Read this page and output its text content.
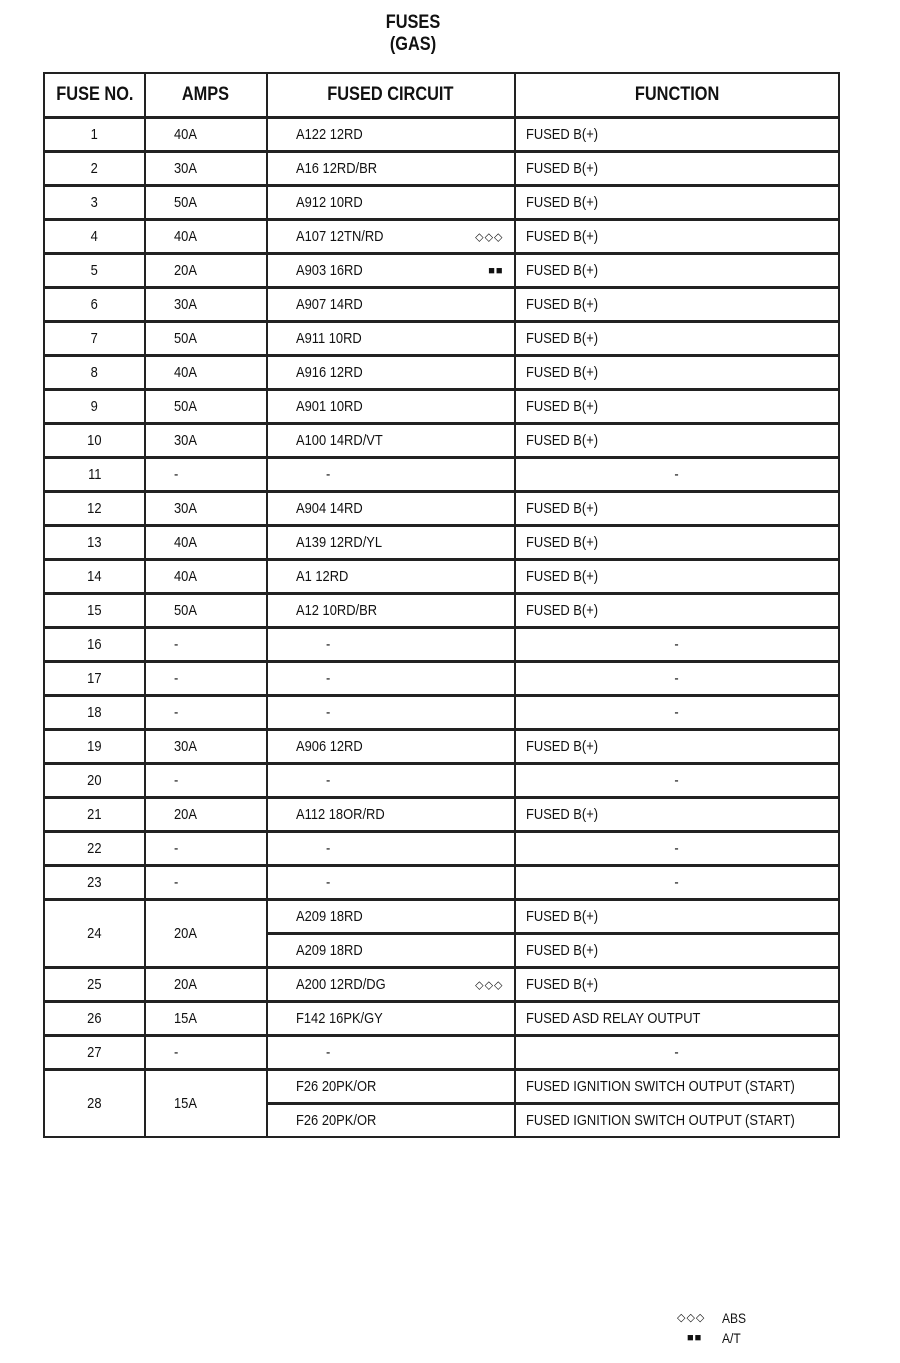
FUSES
(GAS)
FUSE NO.	AMPS	FUSED CIRCUIT	FUNCTION
1	40A	A122 12RD	FUSED B(+)
2	30A	A16 12RD/BR	FUSED B(+)
3	50A	A912 10RD	FUSED B(+)
4	40A	A107 12TN/RD ◇◇◇	FUSED B(+)
5	20A	A903 16RD ■■	FUSED B(+)
6	30A	A907 14RD	FUSED B(+)
7	50A	A911 10RD	FUSED B(+)
8	40A	A916 12RD	FUSED B(+)
9	50A	A901 10RD	FUSED B(+)
10	30A	A100 14RD/VT	FUSED B(+)
11	-	-	-
12	30A	A904 14RD	FUSED B(+)
13	40A	A139 12RD/YL	FUSED B(+)
14	40A	A1 12RD	FUSED B(+)
15	50A	A12 10RD/BR	FUSED B(+)
16	-	-	-
17	-	-	-
18	-	-	-
19	30A	A906 12RD	FUSED B(+)
20	-	-	-
21	20A	A112 18OR/RD	FUSED B(+)
22	-	-	-
23	-	-	-
24	20A	A209 18RD	FUSED B(+)
		A209 18RD	FUSED B(+)
25	20A	A200 12RD/DG ◇◇◇	FUSED B(+)
26	15A	F142 16PK/GY	FUSED ASD RELAY OUTPUT
27	-	-	-
28	15A	F26 20PK/OR	FUSED IGNITION SWITCH OUTPUT (START)
		F26 20PK/OR	FUSED IGNITION SWITCH OUTPUT (START)
◇◇◇	ABS
■■	A/T
